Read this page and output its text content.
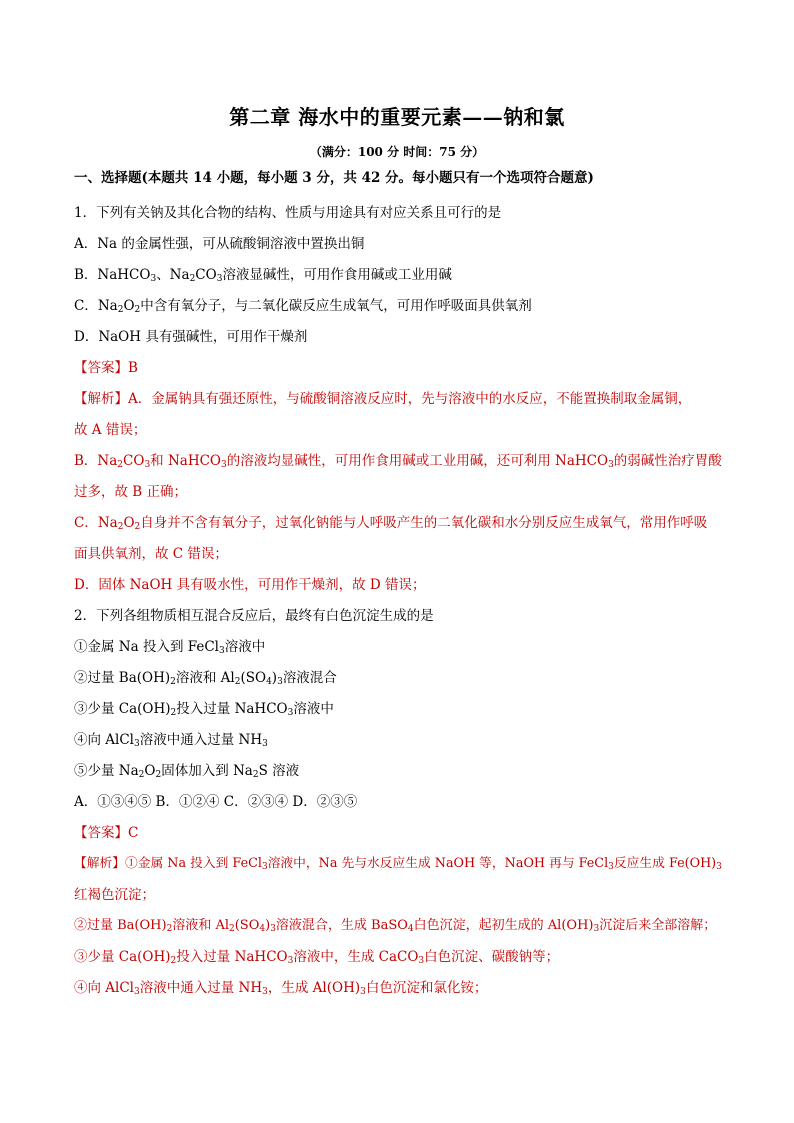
第二章 海水中的重要元素——钠和氯
（满分：100 分 时间：75 分）
一、选择题(本题共 14 小题，每小题 3 分，共 42 分。每小题只有一个选项符合题意)
1．下列有关钠及其化合物的结构、性质与用途具有对应关系且可行的是
A．Na 的金属性强，可从硫酸铜溶液中置换出铜
B．NaHCO$_3$、$Na_2CO_3$溶液显碱性，可用作食用碱或工业用碱
C．$Na_2O_2$中含有氧分子，与二氧化碳反应生成氧气，可用作呼吸面具供氧剂
D．NaOH 具有强碱性，可用作干燥剂
【答案】B
【解析】A．金属钠具有强还原性，与硫酸铜溶液反应时，先与溶液中的水反应，不能置换制取金属铜，
故 A 错误；
B．$Na_2CO_3$和 NaHCO$_3$的溶液均显碱性，可用作食用碱或工业用碱，还可利用 NaHCO$_3$的弱碱性治疗胃酸
过多，故 B 正确；
C．$Na_2O_2$自身并不含有氧分子，过氧化钠能与人呼吸产生的二氧化碳和水分别反应生成氧气，常用作呼吸
面具供氧剂，故 C 错误；
D．固体 NaOH 具有吸水性，可用作干燥剂，故 D 错误；
2．下列各组物质相互混合反应后，最终有白色沉淀生成的是
①金属 Na 投入到 FeCl$_3$溶液中
②过量 $Ba(OH)_2$溶液和 $Al_2(SO_4)_3$溶液混合
③少量 $Ca(OH)_2$投入过量 NaHCO$_3$溶液中
④向 AlCl$_3$溶液中通入过量 $NH_3$
⑤少量 $Na_2O_2$固体加入到 $Na_2S$ 溶液
A．①③④⑤ B．①②④ C．②③④ D．②③⑤
【答案】C
【解析】①金属 Na 投入到 FeCl$_3$溶液中，Na 先与水反应生成 NaOH 等，NaOH 再与 FeCl$_3$反应生成 $Fe(OH)_3$
红褐色沉淀；
②过量 $Ba(OH)_2$溶液和 $Al_2(SO_4)_3$溶液混合，生成 BaSO$_4$白色沉淀，起初生成的 $Al(OH)_3$沉淀后来全部溶解；
③少量 $Ca(OH)_2$投入过量 NaHCO$_3$溶液中，生成 CaCO$_3$白色沉淀、碳酸钠等；
④向 AlCl$_3$溶液中通入过量 $NH_3$，生成 $Al(OH)_3$白色沉淀和氯化铵；
